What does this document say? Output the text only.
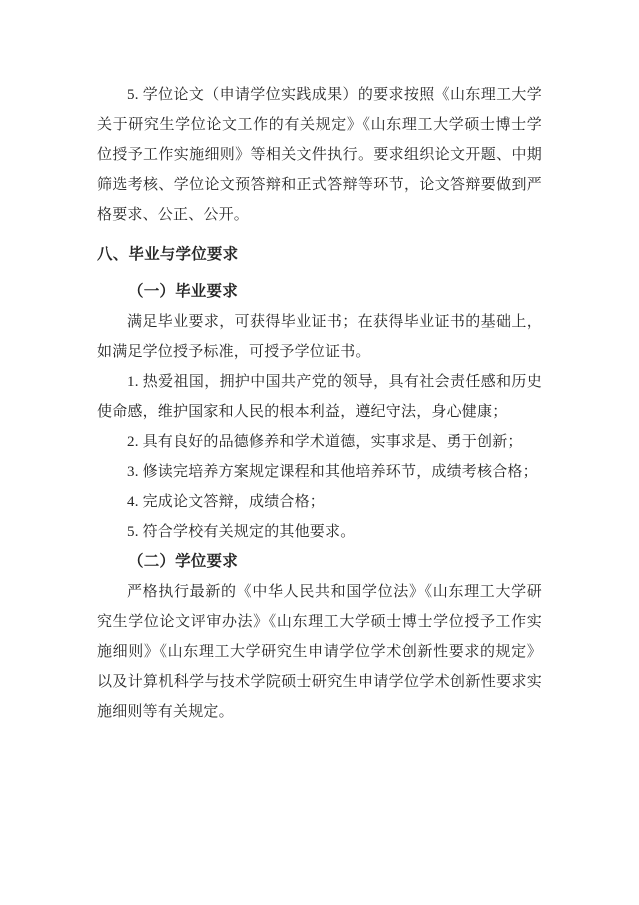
5. 学位论文（申请学位实践成果）的要求按照《山东理工大学关于研究生学位论文工作的有关规定》《山东理工大学硕士博士学位授予工作实施细则》等相关文件执行。要求组织论文开题、中期筛选考核、学位论文预答辩和正式答辩等环节，论文答辩要做到严格要求、公正、公开。

八、毕业与学位要求
（一）毕业要求

满足毕业要求，可获得毕业证书；在获得毕业证书的基础上，如满足学位授予标准，可授予学位证书。

1. 热爱祖国，拥护中国共产党的领导，具有社会责任感和历史使命感，维护国家和人民的根本利益，遵纪守法，身心健康；

2. 具有良好的品德修养和学术道德，实事求是、勇于创新；

3. 修读完培养方案规定课程和其他培养环节，成绩考核合格；

4. 完成论文答辩，成绩合格；

5. 符合学校有关规定的其他要求。

（二）学位要求

严格执行最新的《中华人民共和国学位法》《山东理工大学研究生学位论文评审办法》《山东理工大学硕士博士学位授予工作实施细则》《山东理工大学研究生申请学位学术创新性要求的规定》以及计算机科学与技术学院硕士研究生申请学位学术创新性要求实施细则等有关规定。
